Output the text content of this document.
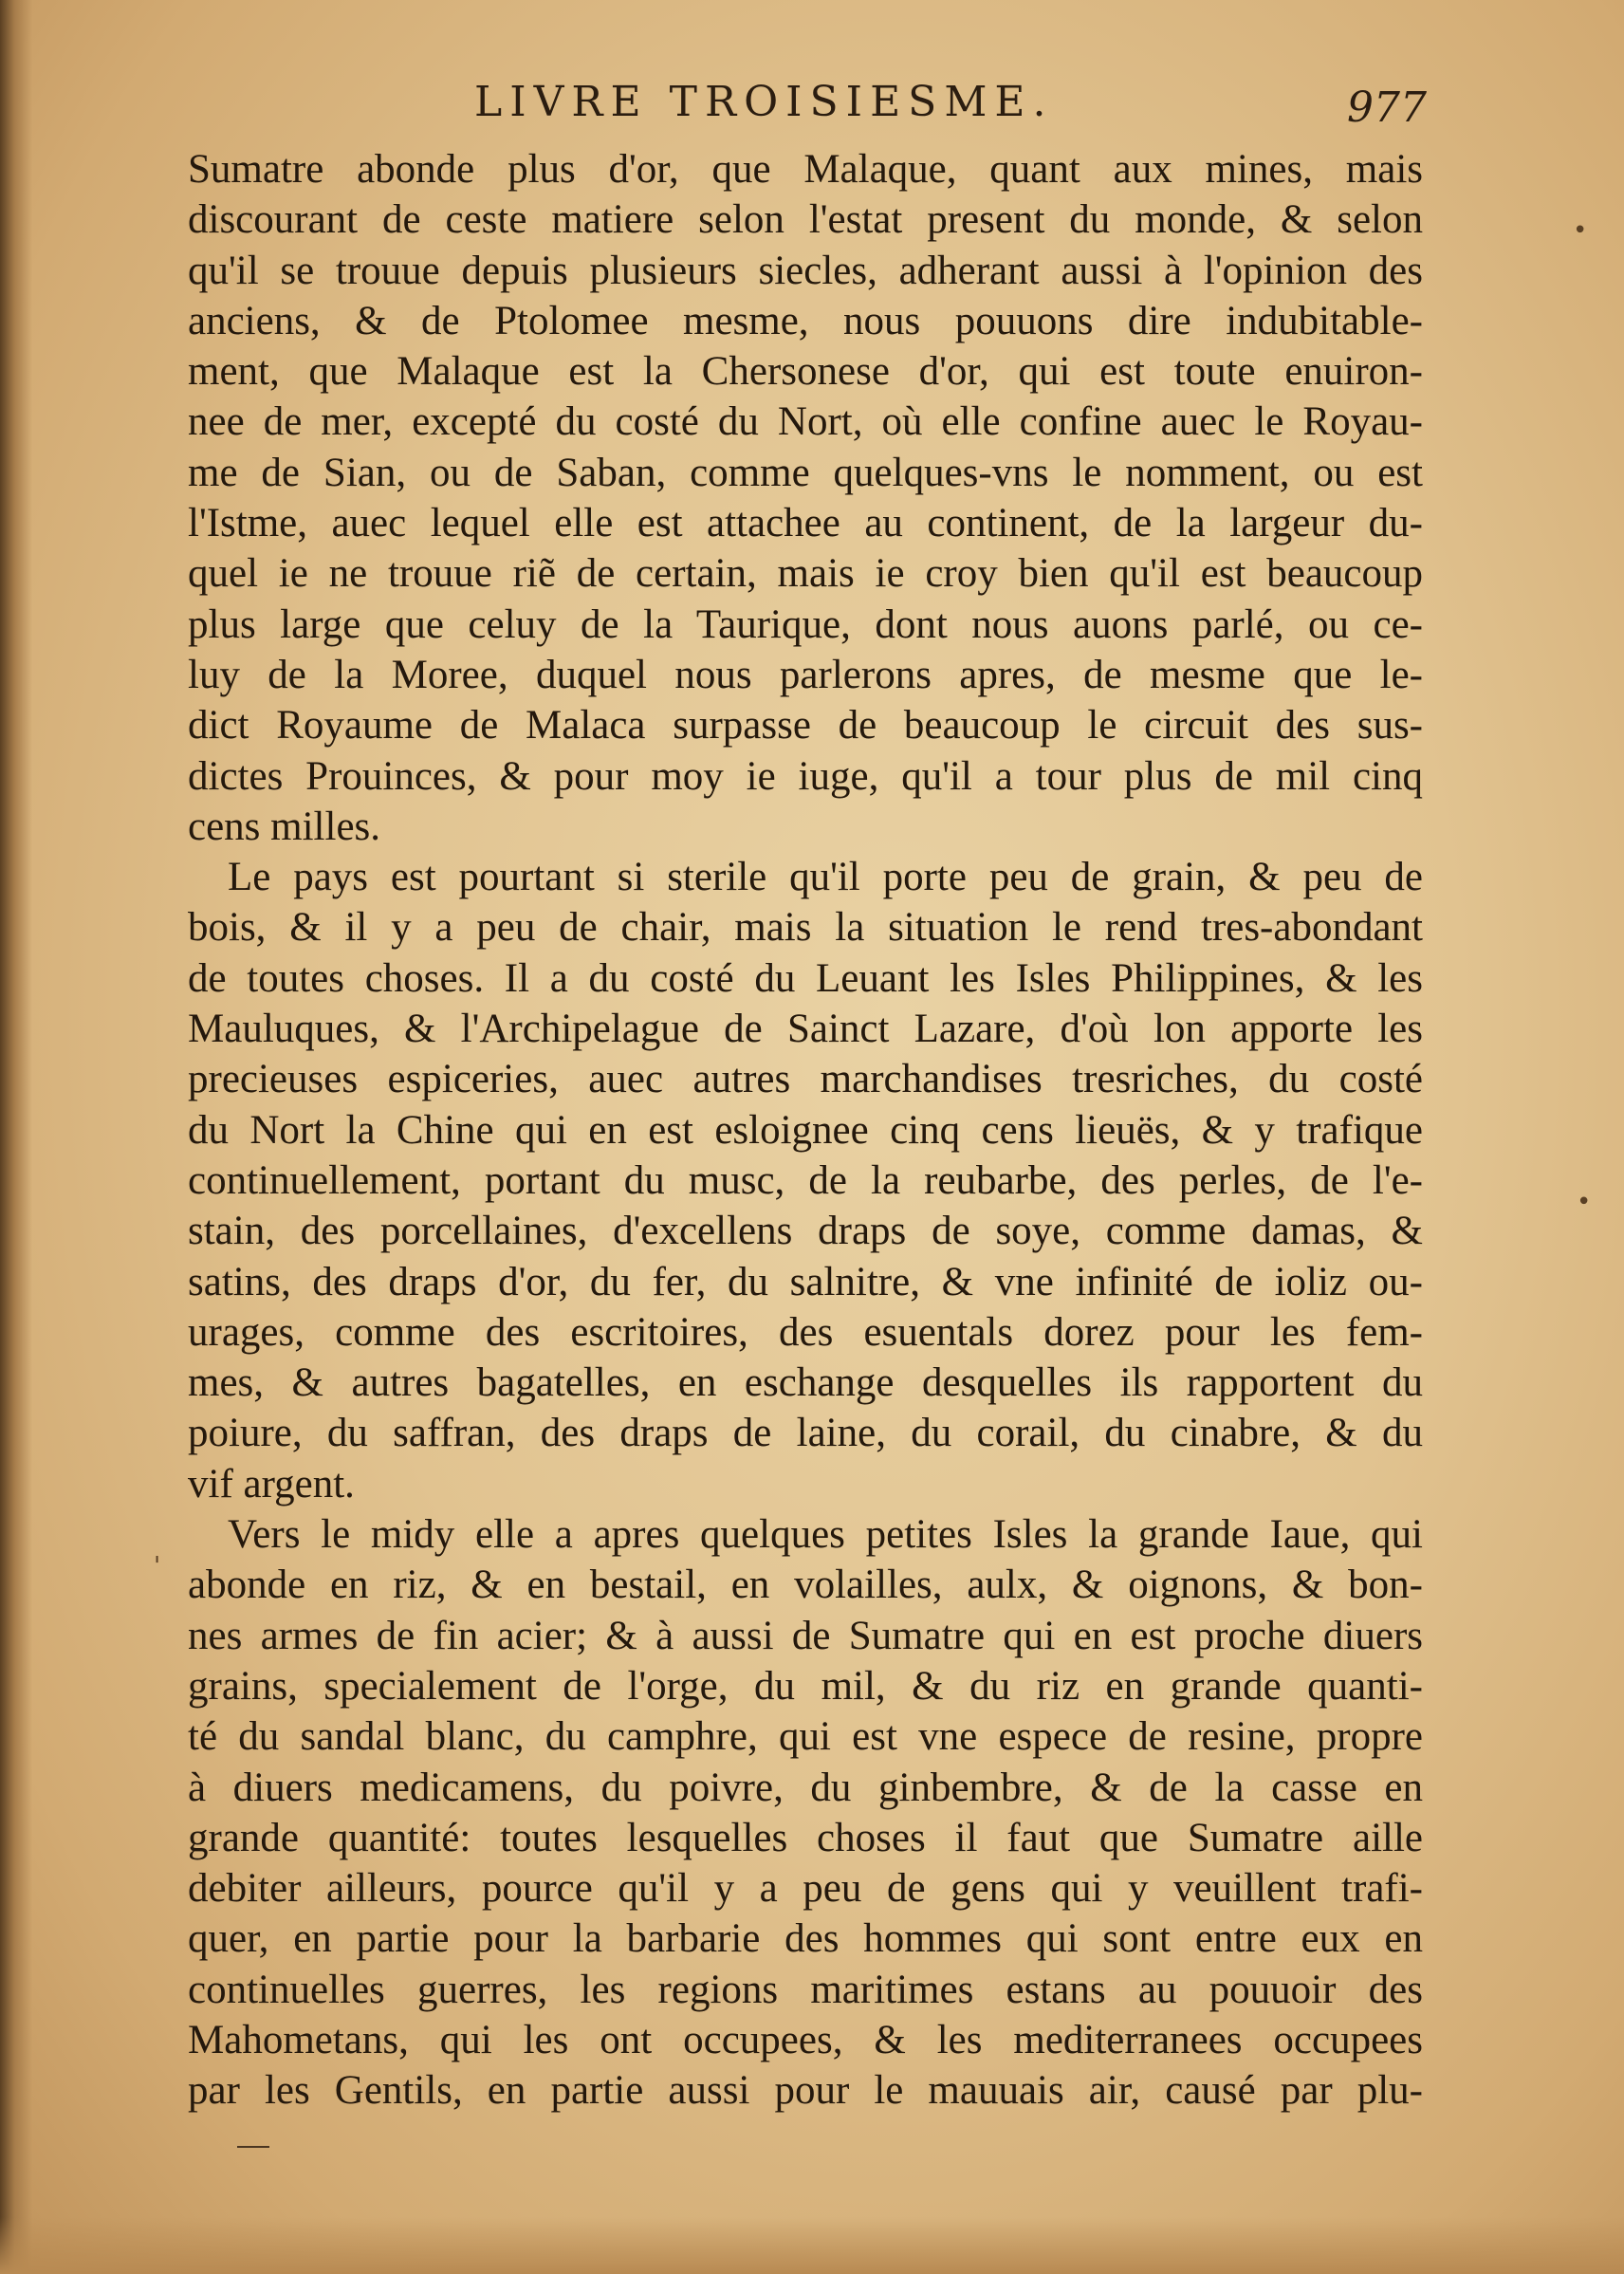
LIVRE TROISIESME.	977
Sumatre abonde plus d'or, que Malaque, quant aux mines, mais
discourant de ceste matiere selon l'estat present du monde, & selon
qu'il se trouue depuis plusieurs siecles, adherant aussi à l'opinion des
anciens, & de Ptolomee mesme, nous pouuons dire indubitable-
ment, que Malaque est la Chersonese d'or, qui est toute enuiron-
nee de mer, excepté du costé du Nort, où elle confine auec le Royau-
me de Sian, ou de Saban, comme quelques-vns le nomment, ou est
l'Istme, auec lequel elle est attachee au continent, de la largeur du-
quel ie ne trouue riẽ de certain, mais ie croy bien qu'il est beaucoup
plus large que celuy de la Taurique, dont nous auons parlé, ou ce-
luy de la Moree, duquel nous parlerons apres, de mesme que le-
dict Royaume de Malaca surpasse de beaucoup le circuit des sus-
dictes Prouinces, & pour moy ie iuge, qu'il a tour plus de mil cinq
cens milles.
Le pays est pourtant si sterile qu'il porte peu de grain, & peu de
bois, & il y a peu de chair, mais la situation le rend tres-abondant
de toutes choses. Il a du costé du Leuant les Isles Philippines, & les
Mauluques, & l'Archipelague de Sainct Lazare, d'où lon apporte les
precieuses espiceries, auec autres marchandises tresriches, du costé
du Nort la Chine qui en est esloignee cinq cens lieuës, & y trafique
continuellement, portant du musc, de la reubarbe, des perles, de l'e-
stain, des porcellaines, d'excellens draps de soye, comme damas, &
satins, des draps d'or, du fer, du salnitre, & vne infinité de ioliz ou-
urages, comme des escritoires, des esuentals dorez pour les fem-
mes, & autres bagatelles, en eschange desquelles ils rapportent du
poiure, du saffran, des draps de laine, du corail, du cinabre, & du
vif argent.
Vers le midy elle a apres quelques petites Isles la grande Iaue, qui
abonde en riz, & en bestail, en volailles, aulx, & oignons, & bon-
nes armes de fin acier; & à aussi de Sumatre qui en est proche diuers
grains, specialement de l'orge, du mil, & du riz en grande quanti-
té du sandal blanc, du camphre, qui est vne espece de resine, propre
à diuers medicamens, du poivre, du ginbembre, & de la casse en
grande quantité: toutes lesquelles choses il faut que Sumatre aille
debiter ailleurs, pource qu'il y a peu de gens qui y veuillent trafi-
quer, en partie pour la barbarie des hommes qui sont entre eux en
continuelles guerres, les regions maritimes estans au pouuoir des
Mahometans, qui les ont occupees, & les mediterranees occupees
par les Gentils, en partie aussi pour le mauuais air, causé par plu-
•
•
'
